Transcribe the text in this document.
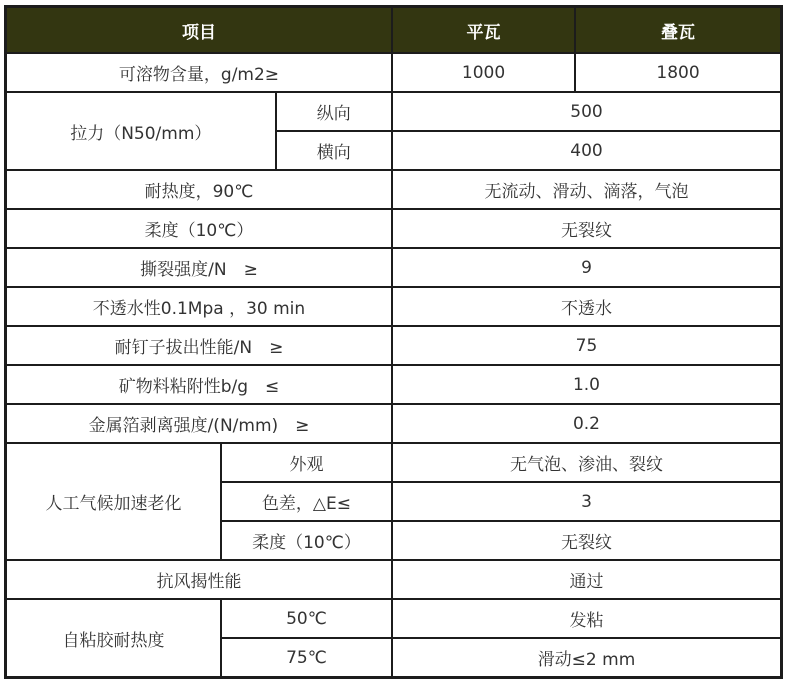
项目			平瓦	叠瓦
可溶物含量，g/m2≥			1000	1800
拉力（N50/mm）		纵向	500	
		横向	400	
耐热度，90℃			无流动、滑动、滴落，气泡	
柔度（10℃）			无裂纹	
撕裂强度/N　≥			9	
不透水性0.1Mpa ，30 min			不透水	
耐钉子拔出性能/N　≥			75	
矿物料粘附性b/g　≤			1.0	
金属箔剥离强度/(N/mm)　≥			0.2	
人工气候加速老化	外观		无气泡、渗油、裂纹	
	色差，△E≤		3	
	柔度（10℃）		无裂纹	
抗风揭性能			通过	
自粘胶耐热度	50℃		发粘	
	75℃		滑动≤2 mm	
